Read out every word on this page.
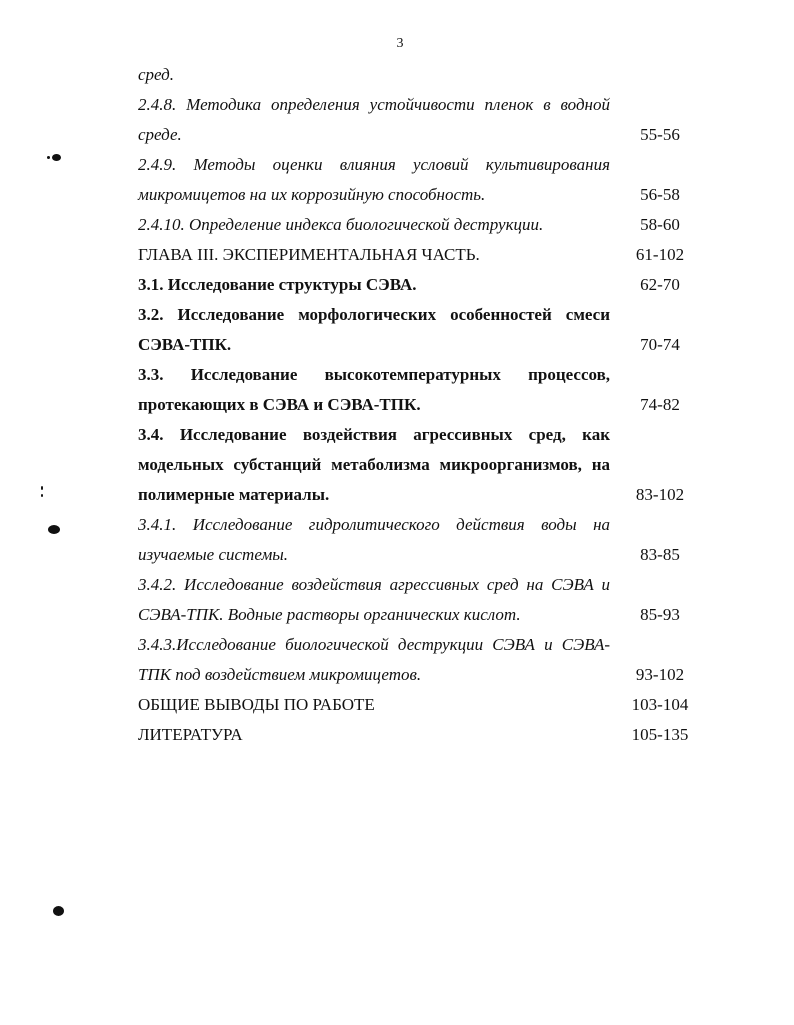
3
сред.
2.4.8. Методика определения устойчивости пленок в водной
среде.	55-56
2.4.9. Методы оценки влияния условий культивирования
микромицетов на их коррозийную способность.	56-58
2.4.10. Определение индекса биологической деструкции.	58-60
ГЛАВА III. ЭКСПЕРИМЕНТАЛЬНАЯ ЧАСТЬ.	61-102
3.1. Исследование структуры СЭВА.	62-70
3.2. Исследование морфологических особенностей смеси
СЭВА-ТПК.	70-74
3.3. Исследование высокотемпературных процессов,
протекающих в СЭВА и СЭВА-ТПК.	74-82
3.4. Исследование воздействия агрессивных сред, как
модельных субстанций метаболизма микроорганизмов, на
полимерные материалы.	83-102
3.4.1. Исследование гидролитического действия воды на
изучаемые системы.	83-85
3.4.2. Исследование воздействия агрессивных сред на СЭВА и
СЭВА-ТПК. Водные растворы органических кислот.	85-93
3.4.3.Исследование биологической деструкции СЭВА и СЭВА-
ТПК под воздействием микромицетов.	93-102
ОБЩИЕ ВЫВОДЫ ПО РАБОТЕ	103-104
ЛИТЕРАТУРА	105-135
